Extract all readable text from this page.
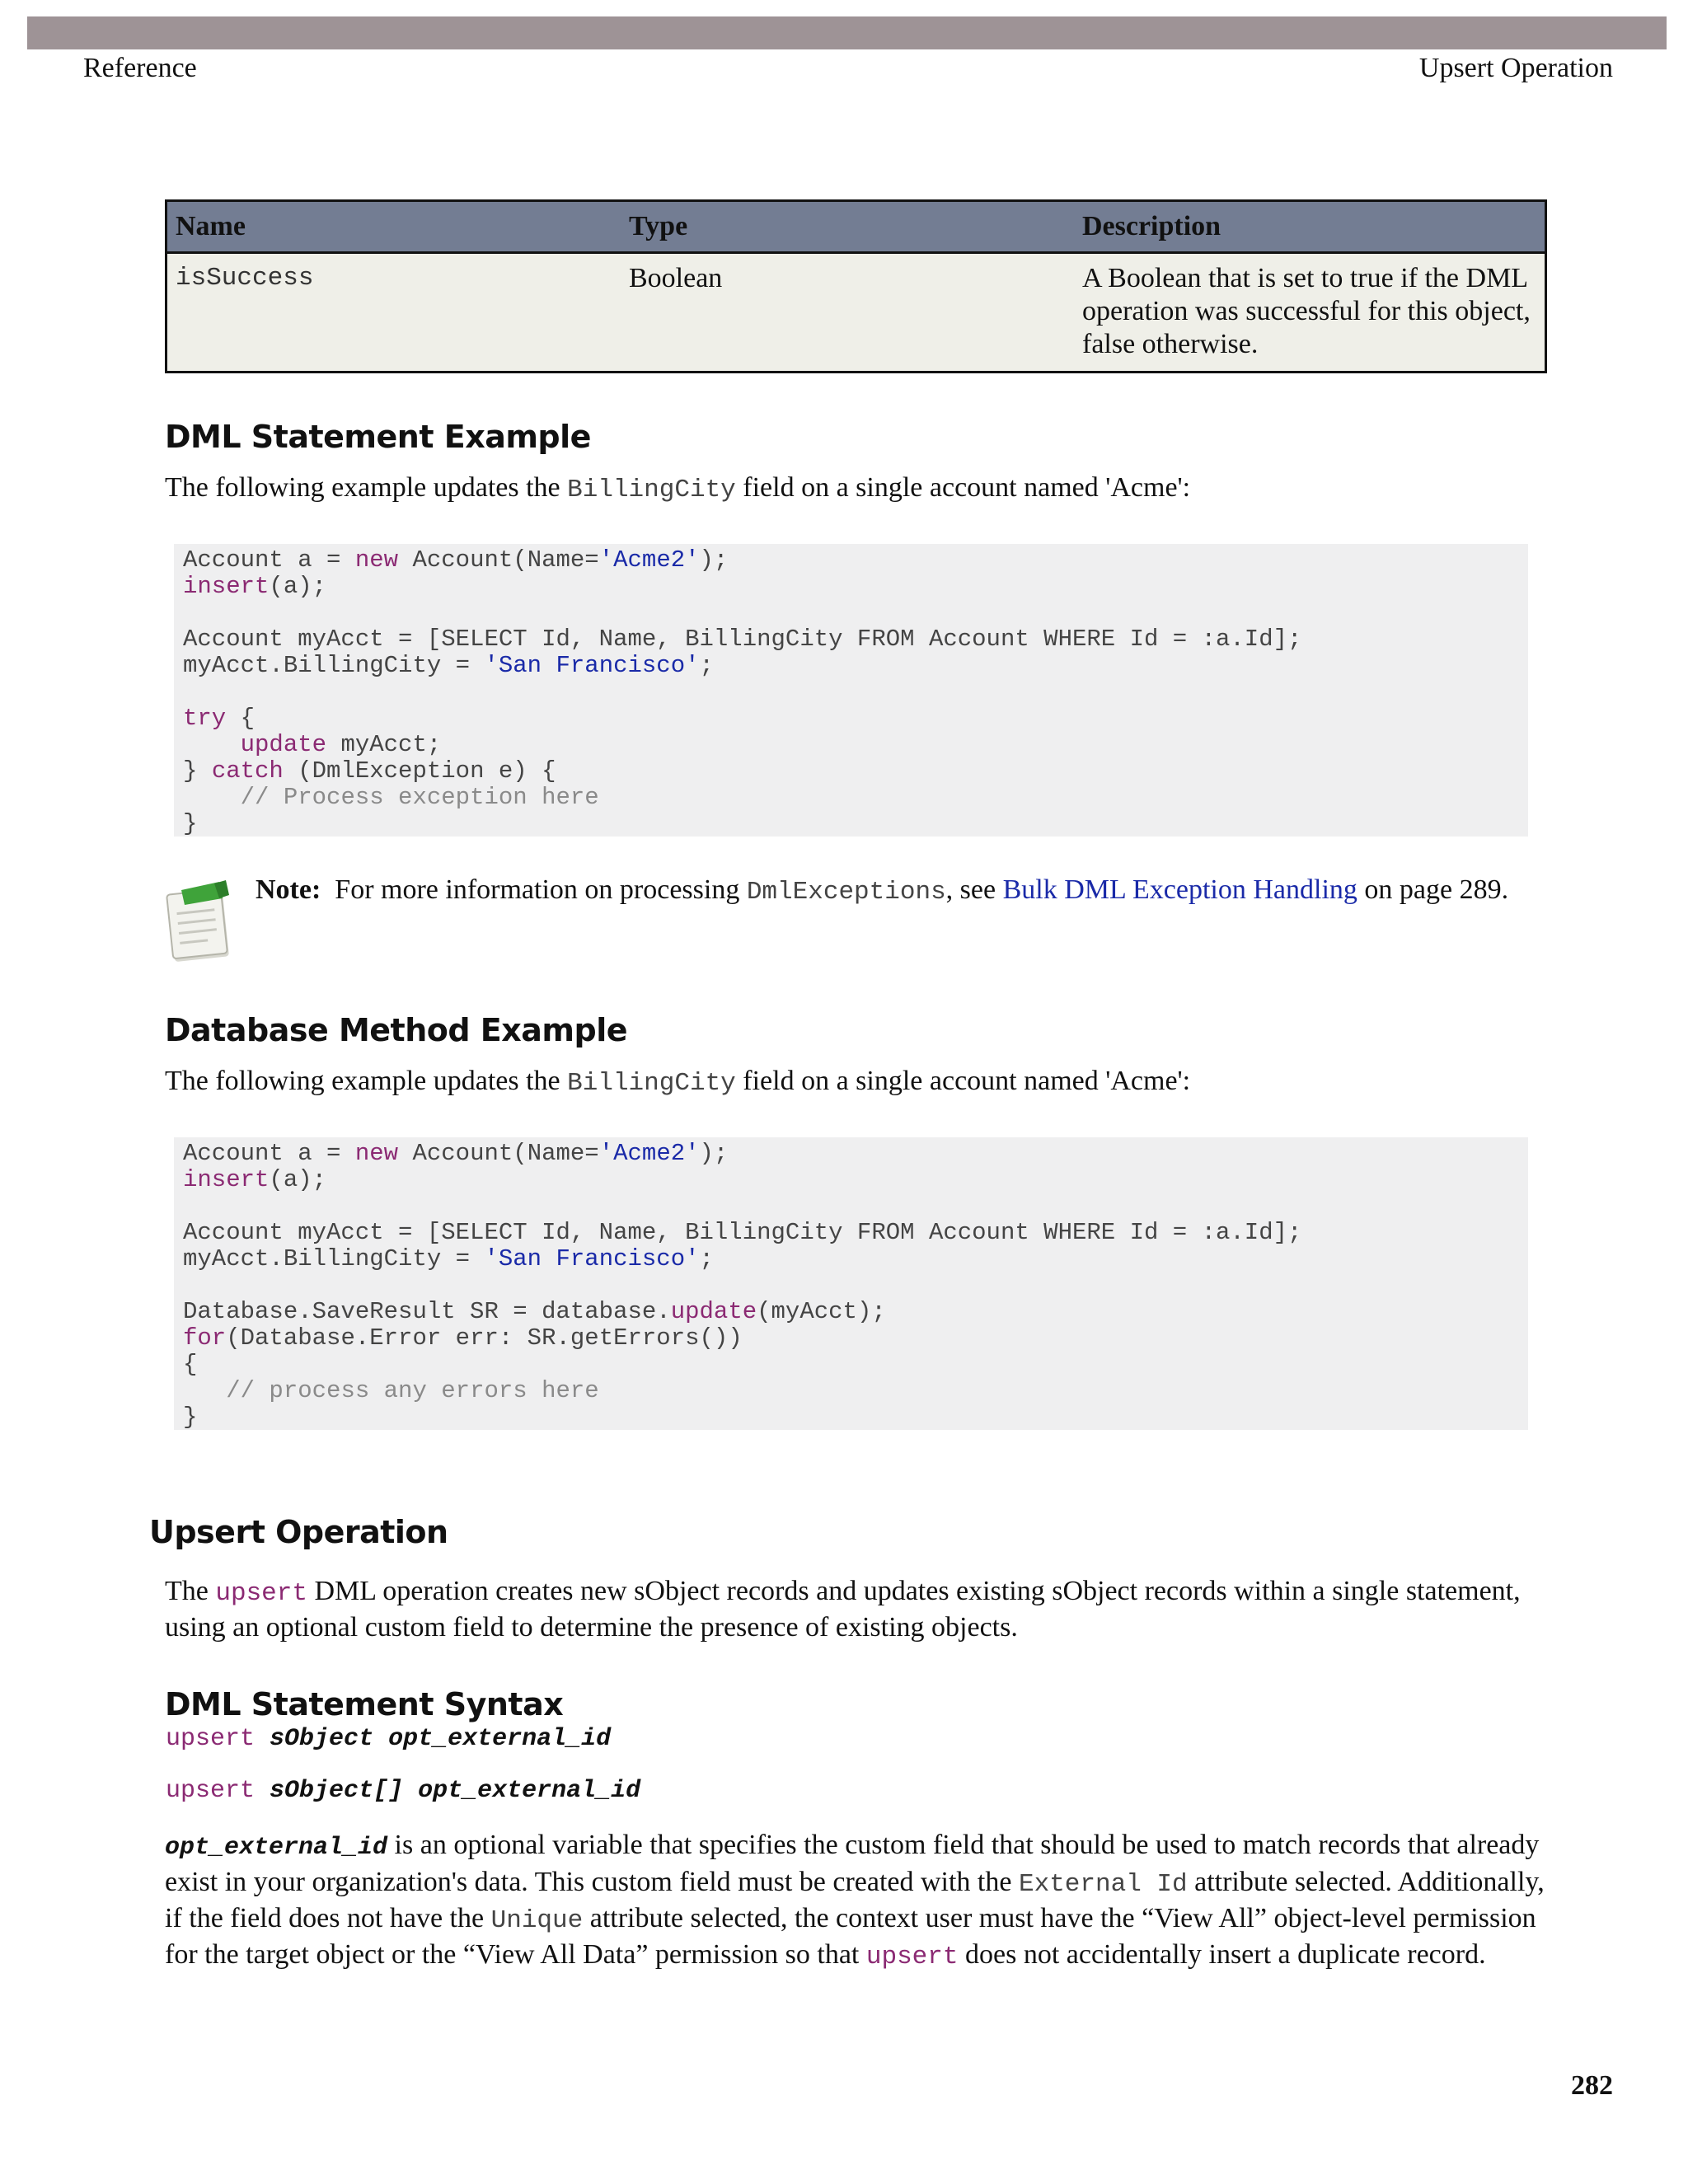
Reference	Upsert Operation
Name	Type	Description
isSuccess	Boolean	A Boolean that is set to true if the DML operation was successful for this object, false otherwise.
DML Statement Example

The following example updates the BillingCity field on a single account named 'Acme':

Account a = new Account(Name='Acme2');
insert(a);

Account myAcct = [SELECT Id, Name, BillingCity FROM Account WHERE Id = :a.Id];
myAcct.BillingCity = 'San Francisco';

try {
update myAcct;
} catch (DmlException e) {
// Process exception here
}

Note: For more information on processing DmlExceptions, see Bulk DML Exception Handling on page 289.

Database Method Example

The following example updates the BillingCity field on a single account named 'Acme':

Account a = new Account(Name='Acme2');
insert(a);

Account myAcct = [SELECT Id, Name, BillingCity FROM Account WHERE Id = :a.Id];
myAcct.BillingCity = 'San Francisco';

Database.SaveResult SR = database.update(myAcct);
for(Database.Error err: SR.getErrors())
{
// process any errors here
}
Upsert Operation

The upsert DML operation creates new sObject records and updates existing sObject records within a single statement, using an optional custom field to determine the presence of existing objects.

DML Statement Syntax
upsert sObject opt_external_id
upsert sObject[] opt_external_id

opt_external_id is an optional variable that specifies the custom field that should be used to match records that already exist in your organization's data. This custom field must be created with the External Id attribute selected. Additionally, if the field does not have the Unique attribute selected, the context user must have the “View All” object-level permission for the target object or the “View All Data” permission so that upsert does not accidentally insert a duplicate record.

282
